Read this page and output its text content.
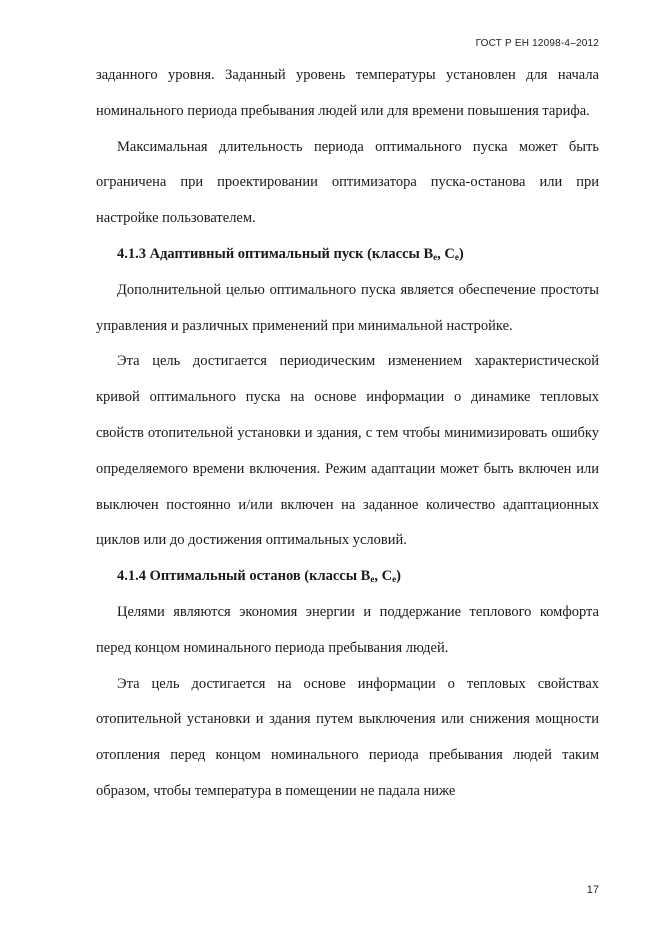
ГОСТ Р ЕН 12098-4–2012

заданного уровня. Заданный уровень температуры установлен для начала номинального периода пребывания людей или для времени повышения тарифа.

Максимальная длительность периода оптимального пуска может быть ограничена при проектировании оптимизатора пуска-останова или при настройке пользователем.

4.1.3 Адаптивный оптимальный пуск (классы $B_e$, $C_e$)

Дополнительной целью оптимального пуска является обеспечение простоты управления и различных применений при минимальной настройке.

Эта цель достигается периодическим изменением характеристической кривой оптимального пуска на основе информации о динамике тепловых свойств отопительной установки и здания, с тем чтобы минимизировать ошибку определяемого времени включения. Режим адаптации может быть включен или выключен постоянно и/или включен на заданное количество адаптационных циклов или до достижения оптимальных условий.

4.1.4 Оптимальный останов (классы $B_e$, $C_e$)

Целями являются экономия энергии и поддержание теплового комфорта перед концом номинального периода пребывания людей.

Эта цель достигается на основе информации о тепловых свойствах отопительной установки и здания путем выключения или снижения мощности отопления перед концом номинального периода пребывания людей таким образом, чтобы температура в помещении не падала ниже

17
